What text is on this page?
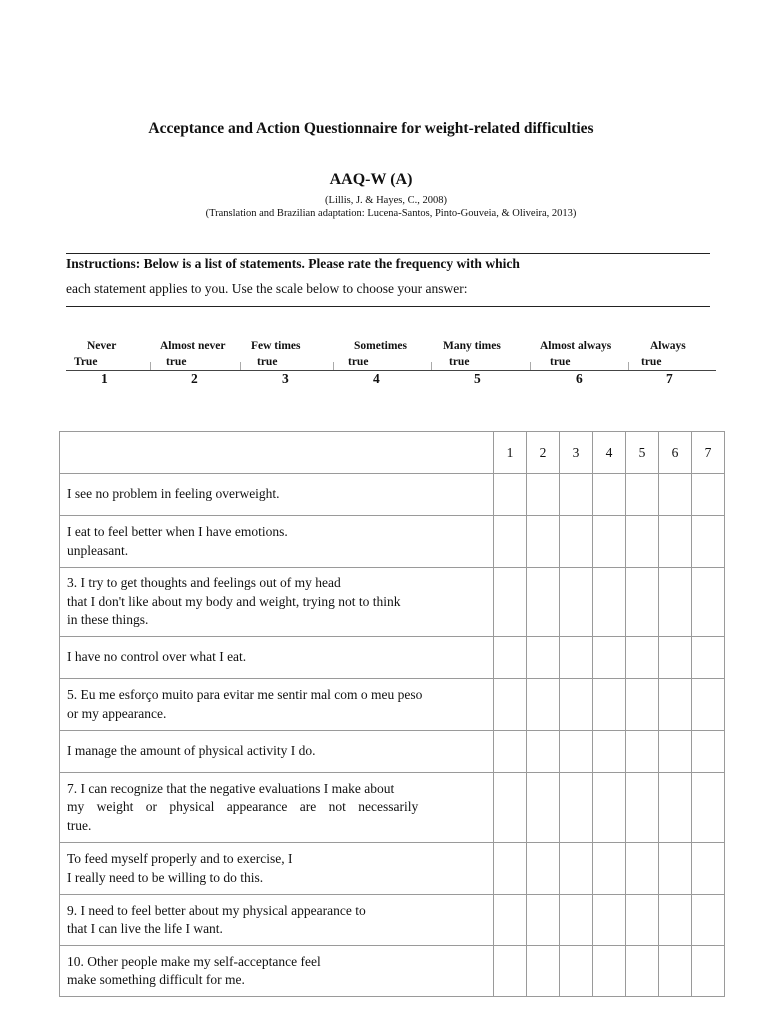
Acceptance and Action Questionnaire for weight-related difficulties
AAQ-W (A)
(Lillis, J. & Hayes, C., 2008)
(Translation and Brazilian adaptation: Lucena-Santos, Pinto-Gouveia, & Oliveira, 2013)
Instructions: Below is a list of statements. Please rate the frequency with which
each statement applies to you. Use the scale below to choose your answer:
Never
True
1
Almost never
true
2
Few times
true
3
Sometimes
true
4
Many times
true
5
Almost always
true
6
Always
true
7
	1	2	3	4	5	6	7

I see no problem in feeling overweight.							

I eat to feel better when I have emotions.
unpleasant.							

3. I try to get thoughts and feelings out of my head
that I don't like about my body and weight, trying not to think
in these things.							

I have no control over what I eat.							

5. Eu me esforço muito para evitar me sentir mal com o meu peso
or my appearance.							

I manage the amount of physical activity I do.							

7. I can recognize that the negative evaluations I make about
my weight or physical appearance are not necessarily
true.							

To feed myself properly and to exercise, I
I really need to be willing to do this.							

9. I need to feel better about my physical appearance to
that I can live the life I want.							

10. Other people make my self-acceptance feel
make something difficult for me.							
